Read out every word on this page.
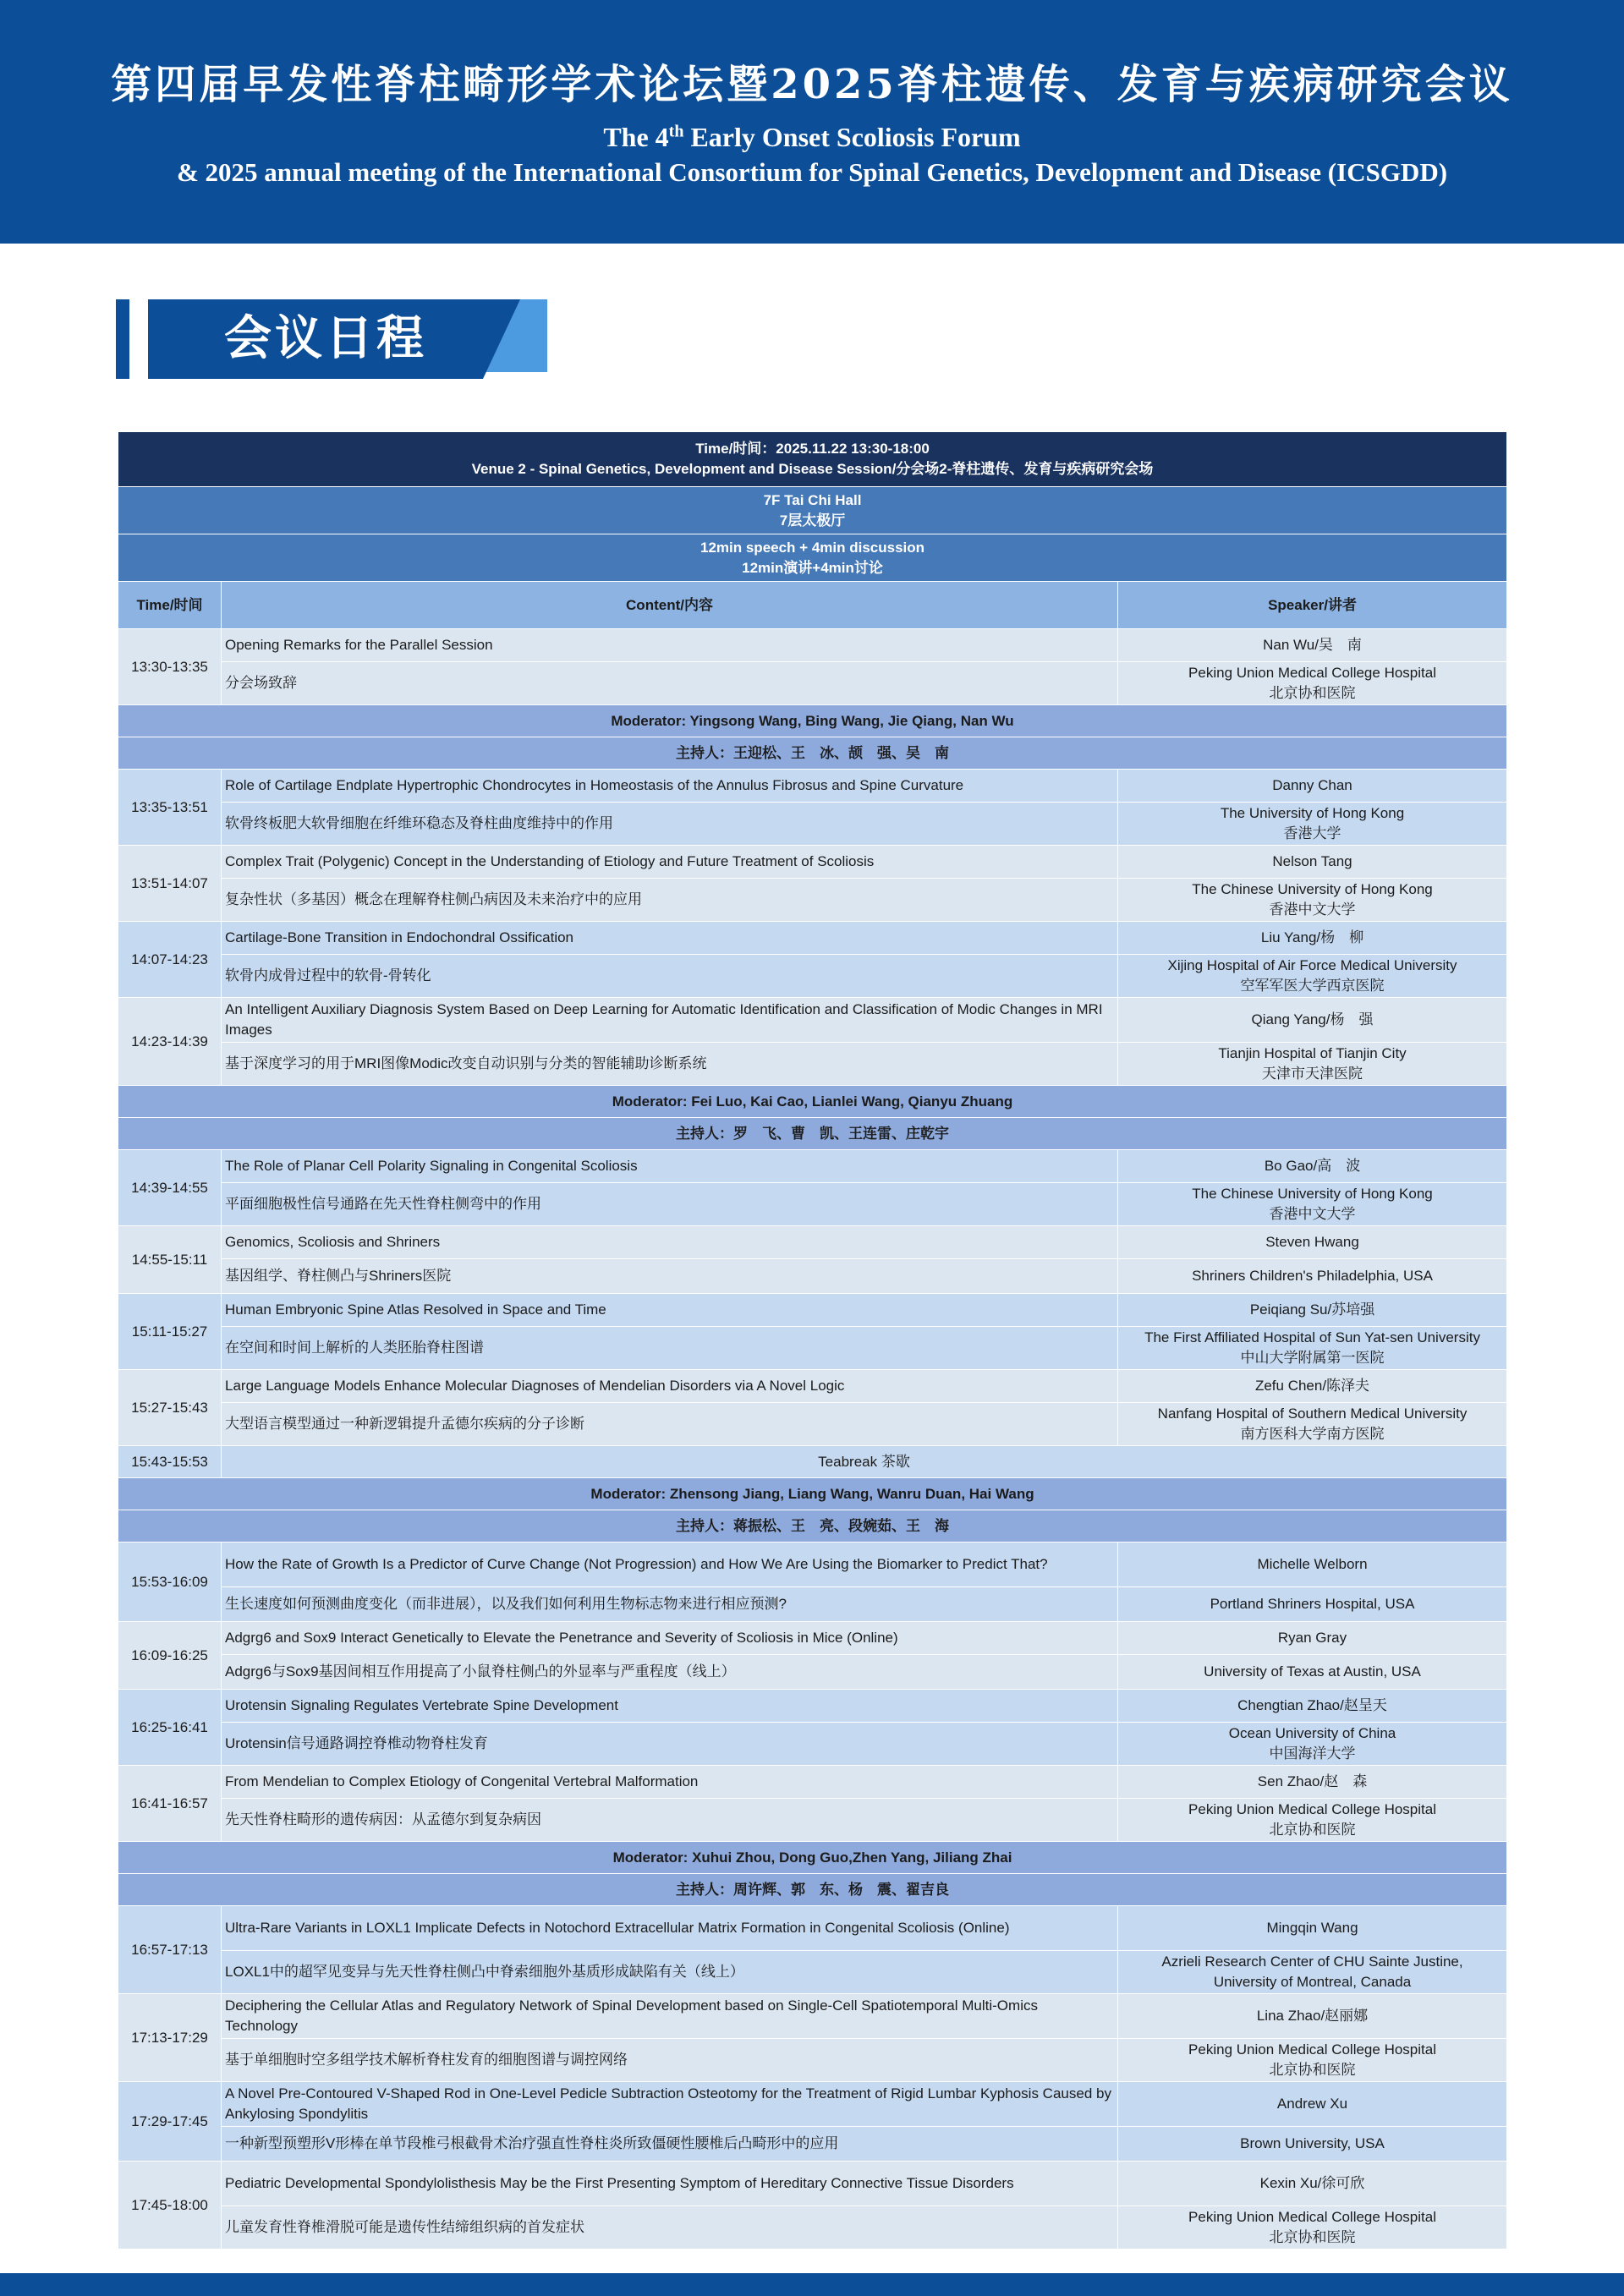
第四届早发性脊柱畸形学术论坛暨2025脊柱遗传、发育与疾病研究会议
The 4th Early Onset Scoliosis Forum
& 2025 annual meeting of the International Consortium for Spinal Genetics, Development and Disease (ICSGDD)
会议日程
Time/时间：2025.11.22 13:30-18:00
Venue 2 - Spinal Genetics, Development and Disease Session/分会场2-脊柱遗传、发育与疾病研究会场		

7F Tai Chi Hall
7层太极厅		

12min speech + 4min discussion
12min演讲+4min讨论		

Time/时间	Content/内容	Speaker/讲者
13:30-13:35	Opening Remarks for the Parallel Session	Nan Wu/吴　南
	分会场致辞	Peking Union Medical College Hospital
北京协和医院

Moderator: Yingsong Wang, Bing Wang, Jie Qiang, Nan Wu		
主持人：王迎松、王　冰、颉　强、吴　南		
13:35-13:51	Role of Cartilage Endplate Hypertrophic Chondrocytes in Homeostasis of the Annulus Fibrosus and Spine Curvature	Danny Chan
	软骨终板肥大软骨细胞在纤维环稳态及脊柱曲度维持中的作用	The University of Hong Kong
香港大学

13:51-14:07	Complex Trait (Polygenic) Concept in the Understanding of Etiology and Future Treatment of Scoliosis	Nelson Tang
	复杂性状（多基因）概念在理解脊柱侧凸病因及未来治疗中的应用	The Chinese University of Hong Kong
香港中文大学

14:07-14:23	Cartilage-Bone Transition in Endochondral Ossification	Liu Yang/杨　柳
	软骨内成骨过程中的软骨-骨转化	Xijing Hospital of Air Force Medical University
空军军医大学西京医院

14:23-14:39	An Intelligent Auxiliary Diagnosis System Based on Deep Learning for Automatic Identification and Classification of Modic Changes in MRI Images	Qiang Yang/杨　强
	基于深度学习的用于MRI图像Modic改变自动识别与分类的智能辅助诊断系统	Tianjin Hospital of Tianjin City
天津市天津医院

Moderator: Fei Luo, Kai Cao, Lianlei Wang, Qianyu Zhuang		
主持人：罗　飞、曹　凯、王连雷、庄乾宇		
14:39-14:55	The Role of Planar Cell Polarity Signaling in Congenital Scoliosis	Bo Gao/高　波
	平面细胞极性信号通路在先天性脊柱侧弯中的作用	The Chinese University of Hong Kong
香港中文大学

14:55-15:11	Genomics, Scoliosis and Shriners	Steven Hwang
	基因组学、脊柱侧凸与Shriners医院	Shriners Children's Philadelphia, USA

15:11-15:27	Human Embryonic Spine Atlas Resolved in Space and Time	Peiqiang Su/苏培强
	在空间和时间上解析的人类胚胎脊柱图谱	The First Affiliated Hospital of Sun Yat-sen University
中山大学附属第一医院

15:27-15:43	Large Language Models Enhance Molecular Diagnoses of Mendelian Disorders via A Novel Logic	Zefu Chen/陈泽夫
	大型语言模型通过一种新逻辑提升孟德尔疾病的分子诊断	Nanfang Hospital of Southern Medical University
南方医科大学南方医院

15:43-15:53	Teabreak 茶歇	
Moderator: Zhensong Jiang, Liang Wang, Wanru Duan, Hai Wang		
主持人：蒋振松、王　亮、段婉茹、王　海		
15:53-16:09	How the Rate of Growth Is a Predictor of Curve Change (Not Progression) and How We Are Using the Biomarker to Predict That?	Michelle Welborn
	生长速度如何预测曲度变化（而非进展），以及我们如何利用生物标志物来进行相应预测?	Portland Shriners Hospital, USA

16:09-16:25	Adgrg6 and Sox9 Interact Genetically to Elevate the Penetrance and Severity of Scoliosis in Mice (Online)	Ryan Gray
	Adgrg6与Sox9基因间相互作用提高了小鼠脊柱侧凸的外显率与严重程度（线上）	University of Texas at Austin, USA

16:25-16:41	Urotensin Signaling Regulates Vertebrate Spine Development	Chengtian Zhao/赵呈天
	Urotensin信号通路调控脊椎动物脊柱发育	Ocean University of China
中国海洋大学

16:41-16:57	From Mendelian to Complex Etiology of Congenital Vertebral Malformation	Sen Zhao/赵　森
	先天性脊柱畸形的遗传病因：从孟德尔到复杂病因	Peking Union Medical College Hospital
北京协和医院

Moderator: Xuhui Zhou, Dong Guo,Zhen Yang, Jiliang Zhai		
主持人：周许辉、郭　东、杨　震、翟吉良		
16:57-17:13	Ultra-Rare Variants in LOXL1 Implicate Defects in Notochord Extracellular Matrix Formation in Congenital Scoliosis (Online)	Mingqin Wang
	LOXL1中的超罕见变异与先天性脊柱侧凸中脊索细胞外基质形成缺陷有关（线上）	Azrieli Research Center of CHU Sainte Justine,
University of Montreal, Canada

17:13-17:29	Deciphering the Cellular Atlas and Regulatory Network of Spinal Development based on Single-Cell Spatiotemporal Multi-Omics Technology	Lina Zhao/赵丽娜
	基于单细胞时空多组学技术解析脊柱发育的细胞图谱与调控网络	Peking Union Medical College Hospital
北京协和医院

17:29-17:45	A Novel Pre-Contoured V-Shaped Rod in One-Level Pedicle Subtraction Osteotomy for the Treatment of Rigid Lumbar Kyphosis Caused by Ankylosing Spondylitis	Andrew Xu
	一种新型预塑形V形棒在单节段椎弓根截骨术治疗强直性脊柱炎所致僵硬性腰椎后凸畸形中的应用	Brown University, USA

17:45-18:00	Pediatric Developmental Spondylolisthesis May be the First Presenting Symptom of Hereditary Connective Tissue Disorders	Kexin Xu/徐可欣
	儿童发育性脊椎滑脱可能是遗传性结缔组织病的首发症状	Peking Union Medical College Hospital
北京协和医院
